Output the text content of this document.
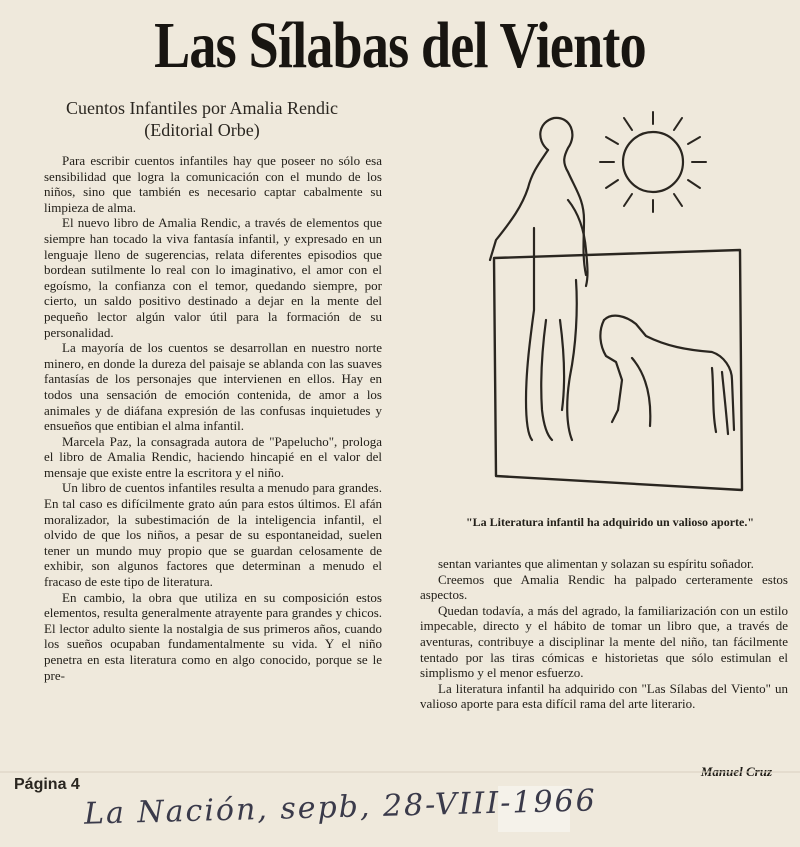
Las Sílabas del Viento
Cuentos Infantiles por Amalia Rendic
(Editorial Orbe)

Para escribir cuentos infantiles hay que poseer no sólo esa sensibilidad que logra la comunicación con el mundo de los niños, sino que también es necesario captar cabalmente su limpieza de alma.

El nuevo libro de Amalia Rendic, a través de elementos que siempre han tocado la viva fantasía infantil, y expresado en un lenguaje lleno de sugerencias, relata diferentes episodios que bordean sutilmente lo real con lo imaginativo, el amor con el egoísmo, la confianza con el temor, quedando siempre, por cierto, un saldo positivo destinado a dejar en la mente del pequeño lector algún valor útil para la formación de su personalidad.

La mayoría de los cuentos se desarrollan en nuestro norte minero, en donde la dureza del paisaje se ablanda con las suaves fantasías de los personajes que intervienen en ellos. Hay en todos una sensación de emoción contenida, de amor a los animales y de diáfana expresión de las confusas inquietudes y ensueños que entibian el alma infantil.

Marcela Paz, la consagrada autora de "Papelucho", prologa el libro de Amalia Rendic, haciendo hincapié en el valor del mensaje que existe entre la escritora y el niño.

Un libro de cuentos infantiles resulta a menudo para grandes. En tal caso es difícilmente grato aún para estos últimos. El afán moralizador, la subestimación de la inteligencia infantil, el olvido de que los niños, a pesar de su espontaneidad, suelen tener un mundo muy propio que se guardan celosamente de exhibir, son algunos factores que determinan a menudo el fracaso de este tipo de literatura.

En cambio, la obra que utiliza en su composición estos elementos, resulta generalmente atrayente para grandes y chicos. El lector adulto siente la nostalgia de sus primeros años, cuando los sueños ocupaban fundamentalmente su vida. Y el niño penetra en esta literatura como en algo conocido, porque se le pre-

"La Literatura infantil ha adquirido un valioso aporte."

sentan variantes que alimentan y solazan su espíritu soñador.

Creemos que Amalia Rendic ha palpado certeramente estos aspectos.

Quedan todavía, a más del agrado, la familiarización con un estilo impecable, directo y el hábito de tomar un libro que, a través de aventuras, contribuye a disciplinar la mente del niño, tan fácilmente tentado por las tiras cómicas e historietas que sólo estimulan el simplismo y el menor esfuerzo.

La literatura infantil ha adquirido con "Las Sílabas del Viento" un valioso aporte para esta difícil rama del arte literario.

Manuel Cruz
Página 4 La Nación, sepb, 28-VIII-1966
